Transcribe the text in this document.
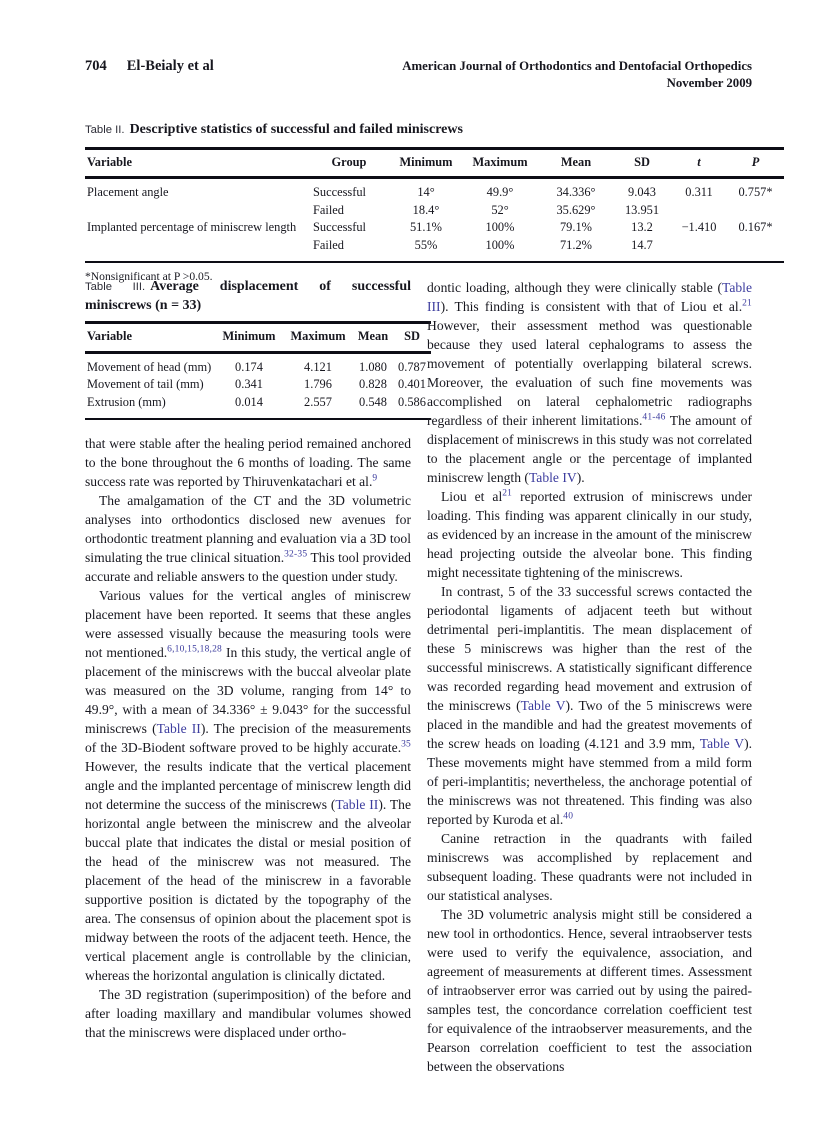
704 El-Beialy et al	American Journal of Orthodontics and Dentofacial Orthopedics
November 2009
Table II. Descriptive statistics of successful and failed miniscrews
Variable	Group	Minimum	Maximum	Mean	SD	t	P
Placement angle	Successful	14°	49.9°	34.336°	9.043	0.311	0.757*
	Failed	18.4°	52°	35.629°	13.951		
Implanted percentage of miniscrew length	Successful	51.1%	100%	79.1%	13.2	−1.410	0.167*
	Failed	55%	100%	71.2%	14.7		
*Nonsignificant at P >0.05.
Table III. Average displacement of successful miniscrews (n = 33)
Variable	Minimum	Maximum	Mean	SD
Movement of head (mm)	0.174	4.121	1.080	0.787
Movement of tail (mm)	0.341	1.796	0.828	0.401
Extrusion (mm)	0.014	2.557	0.548	0.586

that were stable after the healing period remained anchored to the bone throughout the 6 months of loading. The same success rate was reported by Thiruvenkatachari et al.$^9$

The amalgamation of the CT and the 3D volumetric analyses into orthodontics disclosed new avenues for orthodontic treatment planning and evaluation via a 3D tool simulating the true clinical situation.$^{32-35}$ This tool provided accurate and reliable answers to the question under study.

Various values for the vertical angles of miniscrew placement have been reported. It seems that these angles were assessed visually because the measuring tools were not mentioned.$^{6,10,15,18,28}$ In this study, the vertical angle of placement of the miniscrews with the buccal alveolar plate was measured on the 3D volume, ranging from 14° to 49.9°, with a mean of 34.336° ± 9.043° for the successful miniscrews (Table II). The precision of the measurements of the 3D-Biodent software proved to be highly accurate.$^{35}$ However, the results indicate that the vertical placement angle and the implanted percentage of miniscrew length did not determine the success of the miniscrews (Table II). The horizontal angle between the miniscrew and the alveolar buccal plate that indicates the distal or mesial position of the head of the miniscrew was not measured. The placement of the head of the miniscrew in a favorable supportive position is dictated by the topography of the area. The consensus of opinion about the placement spot is midway between the roots of the adjacent teeth. Hence, the vertical placement angle is controllable by the clinician, whereas the horizontal angulation is clinically dictated.

The 3D registration (superimposition) of the before and after loading maxillary and mandibular volumes showed that the miniscrews were displaced under ortho-

dontic loading, although they were clinically stable (Table III). This finding is consistent with that of Liou et al.$^{21}$ However, their assessment method was questionable because they used lateral cephalograms to assess the movement of potentially overlapping bilateral screws. Moreover, the evaluation of such fine movements was accomplished on lateral cephalometric radiographs regardless of their inherent limitations.$^{41-46}$ The amount of displacement of miniscrews in this study was not correlated to the placement angle or the percentage of implanted miniscrew length (Table IV).

Liou et $al^{21}$ reported extrusion of miniscrews under loading. This finding was apparent clinically in our study, as evidenced by an increase in the amount of the miniscrew head projecting outside the alveolar bone. This finding might necessitate tightening of the miniscrews.

In contrast, 5 of the 33 successful screws contacted the periodontal ligaments of adjacent teeth but without detrimental peri-implantitis. The mean displacement of these 5 miniscrews was higher than the rest of the successful miniscrews. A statistically significant difference was recorded regarding head movement and extrusion of the miniscrews (Table V). Two of the 5 miniscrews were placed in the mandible and had the greatest movements of the screw heads on loading (4.121 and 3.9 mm, Table V). These movements might have stemmed from a mild form of peri-implantitis; nevertheless, the anchorage potential of the miniscrews was not threatened. This finding was also reported by Kuroda et al.$^{40}$

Canine retraction in the quadrants with failed miniscrews was accomplished by replacement and subsequent loading. These quadrants were not included in our statistical analyses.

The 3D volumetric analysis might still be considered a new tool in orthodontics. Hence, several intraobserver tests were used to verify the equivalence, association, and agreement of measurements at different times. Assessment of intraobserver error was carried out by using the paired-samples test, the concordance correlation coefficient test for equivalence of the intraobserver measurements, and the Pearson correlation coefficient to test the association between the observations
